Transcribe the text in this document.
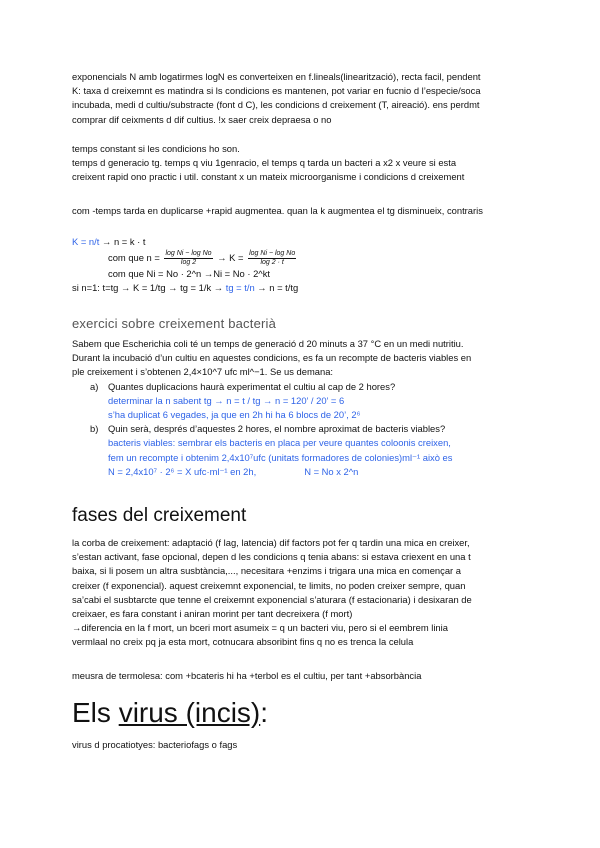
exponencials N amb logatirmes logN es converteixen en f.lineals(linearització), recta facil, pendent
K: taxa d creixemnt es matindra si ls condicions es mantenen, pot variar en fucnio d l’especie/soca
incubada, medi d cultiu/substracte (font d C), les condicions d creixement (T, aireació). ens perdmt
comprar dif ceixments d dif cultius. !x saer creix depraesa o no
temps constant si les condicions ho son.
temps d generacio tg. temps q viu 1genracio, el temps q tarda un bacteri a x2 x veure si esta
creixent rapid ono practic i util. constant x un mateix microorganisme i condicions d creixement
com -temps tarda en duplicarse +rapid augmentea. quan la k augmentea el tg disminueix, contraris
K = n/t → n = k · t
com que $n = \frac{\text{log Ni − log No}}{\log 2} \to K = \frac{\text{log Ni − log No}}{\log 2 \cdot t}$
com que Ni = No · 2^n →Ni = No · 2^kt
si n=1: t=tg → K = 1/tg → tg = 1/k → tg = t/n → n = t/tg
exercici sobre creixement bacterià
Sabem que Escherichia coli té un temps de generació d 20 minuts a 37 °C en un medi nutritiu.
Durant la incubació d’un cultiu en aquestes condicions, es fa un recompte de bacteris viables en
ple creixement i s’obtenen 2,4×10^7 ufc ml^−1. Se us demana:
a) Quantes duplicacions haurà experimentat el cultiu al cap de 2 hores?
determinar la n sabent tg → n = t / tg → n = 120’ / 20’ = 6
s’ha duplicat 6 vegades, ja que en 2h hi ha 6 blocs de 20’, 2⁶
b) Quin serà, després d’aquestes 2 hores, el nombre aproximat de bacteris viables?
bacteris viables: sembrar els bacteris en placa per veure quantes coloonis creixen,
fem un recompte i obtenim 2,4x10⁷ufc (unitats formadores de colonies)ml⁻¹ això es
N = 2,4x10⁷ · 2⁶ = X ufc·ml⁻¹ en 2h,	N = No x 2^n
fases del creixement
la corba de creixement: adaptació (f lag, latencia) dif factors pot fer q tardin una mica en creixer,
s’estan activant, fase opcional, depen d les condicions q tenia abans: si estava criexent en una t
baixa, si li posem un altra susbtància,..., necesitara +enzims i trigara una mica en començar a
creixer (f exponencial). aquest creixemnt exponencial, te limits, no poden creixer sempre, quan
sa’cabi el susbtarcte que tenne el creixemnt exponencial s’aturara (f estacionaria) i desixaran de
creixaer, es fara constant i aniran morint per tant decreixera (f mort)
→diferencia en la f mort, un bceri mort asumeix = q un bacteri viu, pero si el eembrem linia
vermlaal no creix pq ja esta mort, cotnucara absoribint fins q no es trenca la celula
meusra de termolesa: com +bcateris hi ha +terbol es el cultiu, per tant +absorbància
Els virus (incis):
virus d procatiotyes: bacteriofags o fags
